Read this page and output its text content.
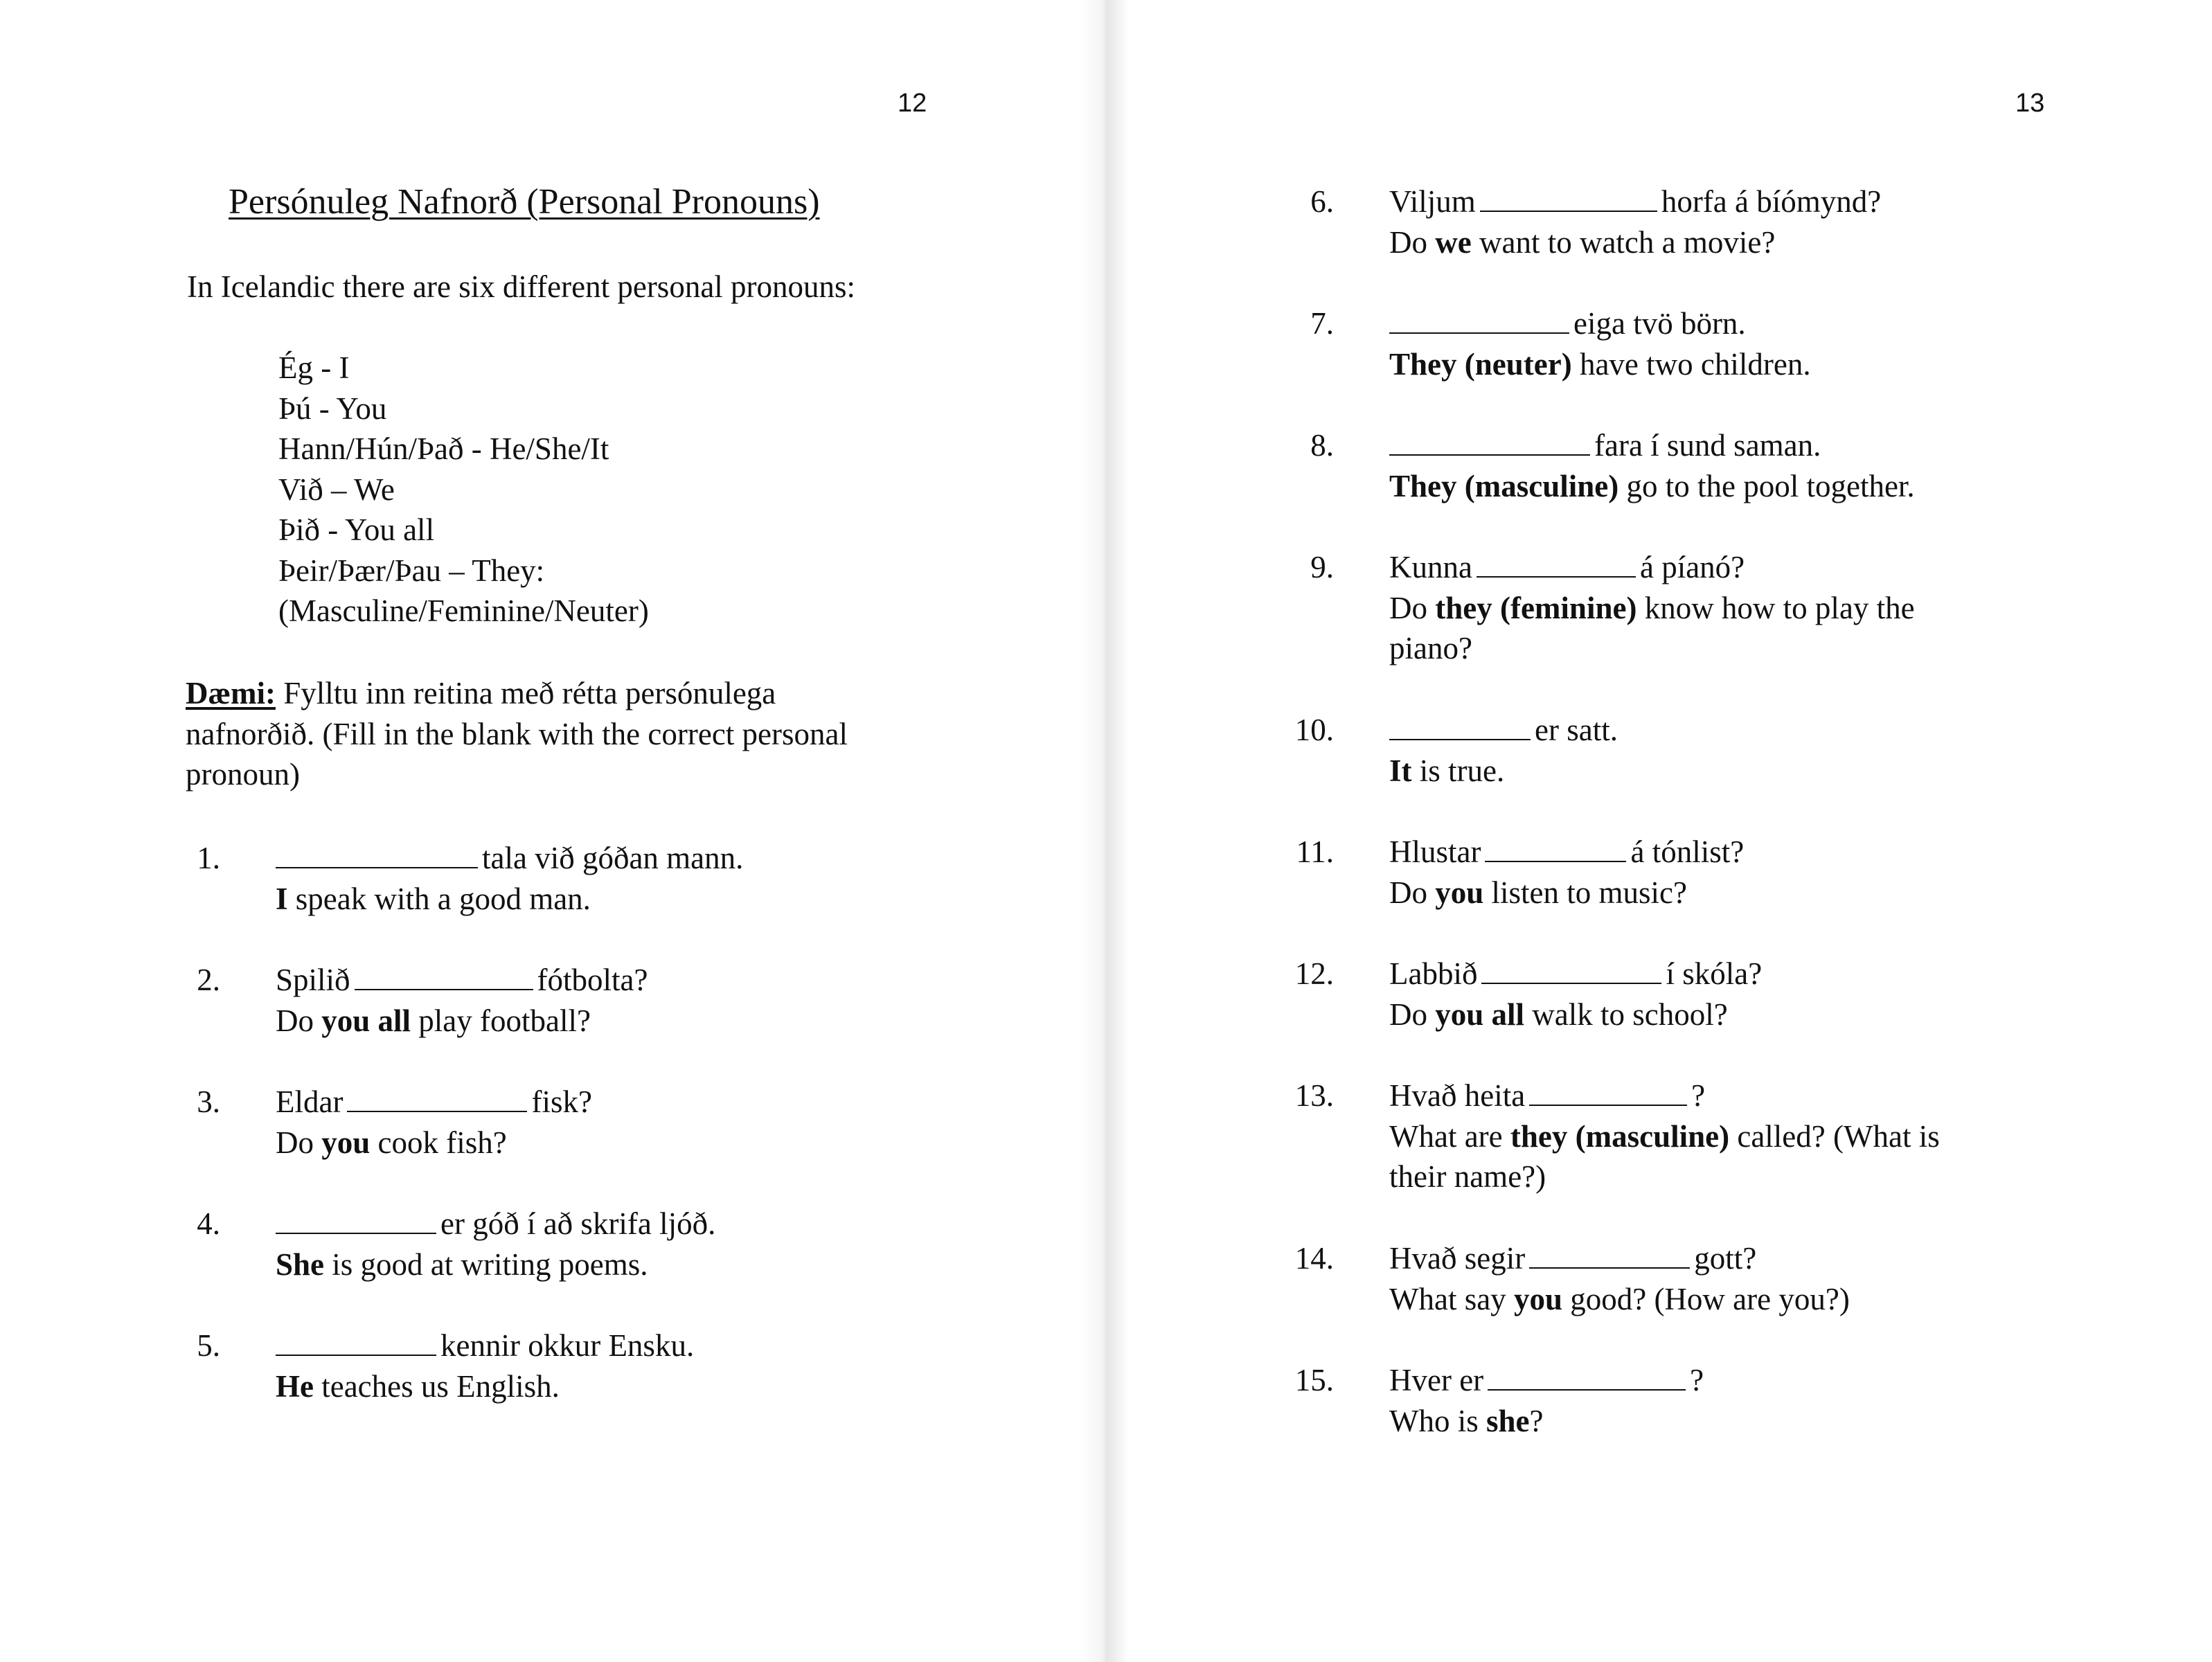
12
Persónuleg Nafnorð (Personal Pronouns)
In Icelandic there are six different personal pronouns:
Ég - I
Þú - You
Hann/Hún/Það - He/She/It
Við – We
Þið - You all
Þeir/Þær/Þau – They:
(Masculine/Feminine/Neuter)
Dæmi: Fylltu inn reitina með rétta persónulega
nafnorðið. (Fill in the blank with the correct personal
pronoun)
13
1.	tala við góðan mann.
I speak with a good man.
2. Spilið	fótbolta?
Do you all play football?
3. Eldar	fisk?
Do you cook fish?
4.	er góð í að skrifa ljóð.
She is good at writing poems.
5.	kennir okkur Ensku.
He teaches us English.
6. Viljum	horfa á bíómynd?
Do we want to watch a movie?
7.	eiga tvö börn.
They (neuter) have two children.
8.	fara í sund saman.
They (masculine) go to the pool together.
9. Kunna	á píanó?
Do they (feminine) know how to play the
piano?
10.	er satt.
It is true.
11. Hlustar	á tónlist?
Do you listen to music?
12. Labbið	í skóla?
Do you all walk to school?
13. Hvað heita	?
What are they (masculine) called? (What is
their name?)
14. Hvað segir	gott?
What say you good? (How are you?)
15. Hver er	?
Who is she?
